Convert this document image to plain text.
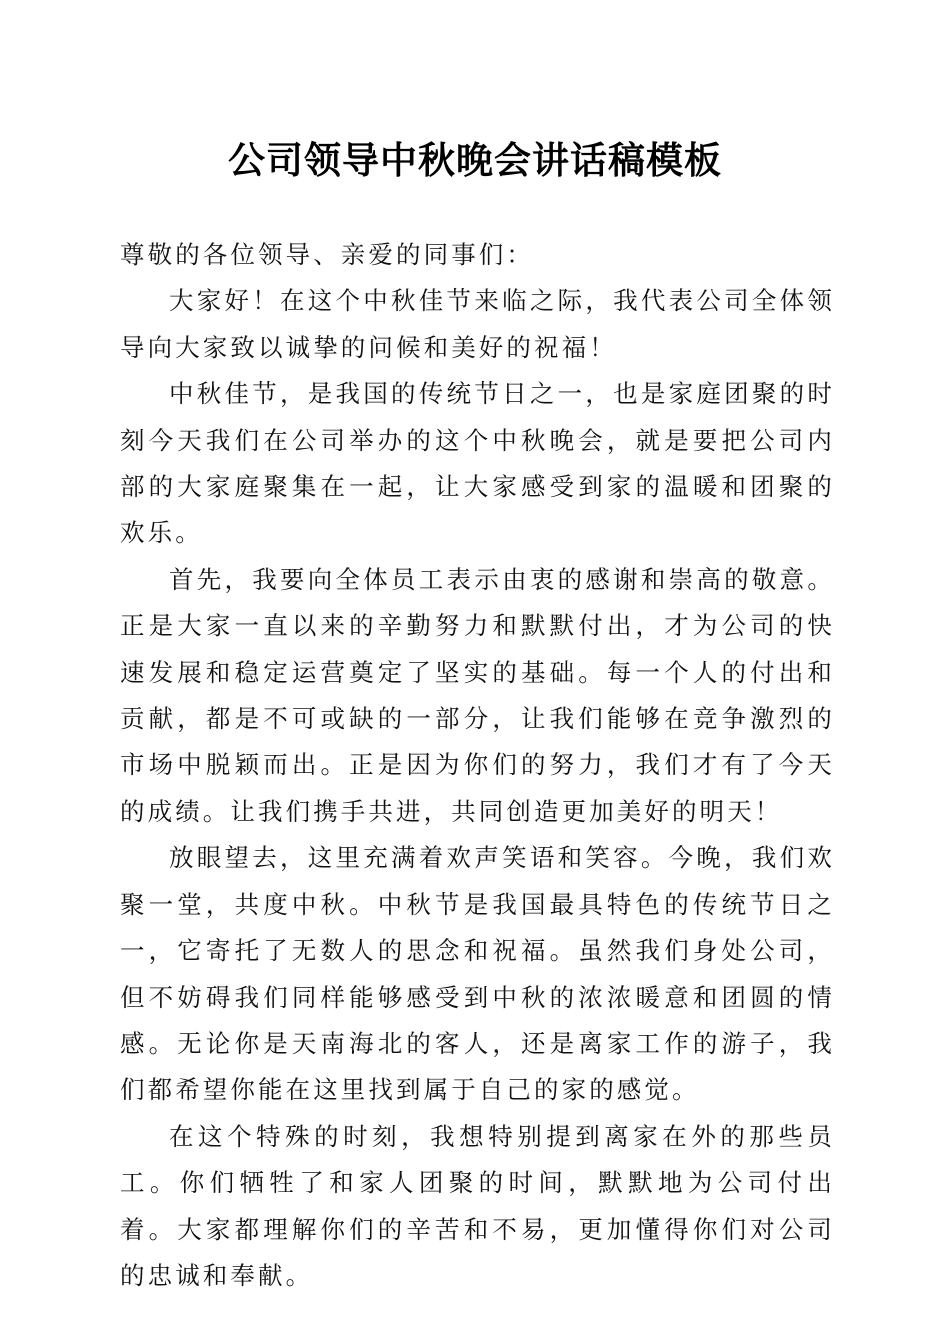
公司领导中秋晚会讲话稿模板

尊敬的各位领导、亲爱的同事们：

大家好！在这个中秋佳节来临之际，我代表公司全体领导向大家致以诚挚的问候和美好的祝福！

中秋佳节，是我国的传统节日之一，也是家庭团聚的时刻今天我们在公司举办的这个中秋晚会，就是要把公司内部的大家庭聚集在一起，让大家感受到家的温暖和团聚的欢乐。

首先，我要向全体员工表示由衷的感谢和崇高的敬意。正是大家一直以来的辛勤努力和默默付出，才为公司的快速发展和稳定运营奠定了坚实的基础。每一个人的付出和贡献，都是不可或缺的一部分，让我们能够在竞争激烈的市场中脱颖而出。正是因为你们的努力，我们才有了今天的成绩。让我们携手共进，共同创造更加美好的明天！

放眼望去，这里充满着欢声笑语和笑容。今晚，我们欢聚一堂，共度中秋。中秋节是我国最具特色的传统节日之一，它寄托了无数人的思念和祝福。虽然我们身处公司，但不妨碍我们同样能够感受到中秋的浓浓暖意和团圆的情感。无论你是天南海北的客人，还是离家工作的游子，我们都希望你能在这里找到属于自己的家的感觉。

在这个特殊的时刻，我想特别提到离家在外的那些员工。你们牺牲了和家人团聚的时间，默默地为公司付出着。大家都理解你们的辛苦和不易，更加懂得你们对公司的忠诚和奉献。
